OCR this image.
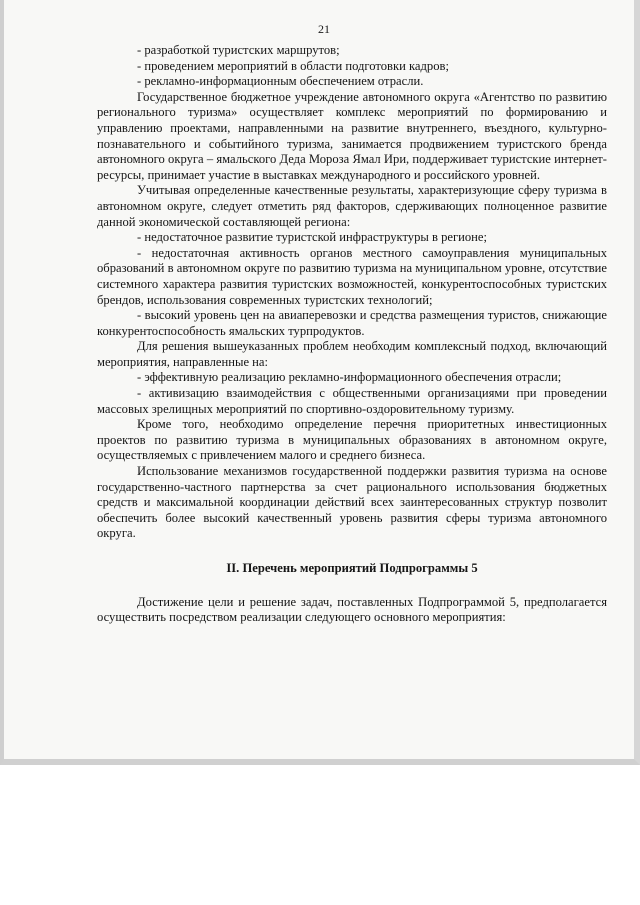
21

- разработкой туристских маршрутов;

- проведением мероприятий в области подготовки кадров;

- рекламно-информационным обеспечением отрасли.

Государственное бюджетное учреждение автономного округа «Агентство по развитию регионального туризма» осуществляет комплекс мероприятий по формированию и управлению проектами, направленными на развитие внутреннего, въездного, культурно-познавательного и событийного туризма, занимается продвижением туристского бренда автономного округа – ямальского Деда Мороза Ямал Ири, поддерживает туристские интернет-ресурсы, принимает участие в выставках международного и российского уровней.

Учитывая определенные качественные результаты, характеризующие сферу туризма в автономном округе, следует отметить ряд факторов, сдерживающих полноценное развитие данной экономической составляющей региона:

- недостаточное развитие туристской инфраструктуры в регионе;

- недостаточная активность органов местного самоуправления муниципальных образований в автономном округе по развитию туризма на муниципальном уровне, отсутствие системного характера развития туристских возможностей, конкурентоспособных туристских брендов, использования современных туристских технологий;

- высокий уровень цен на авиаперевозки и средства размещения туристов, снижающие конкурентоспособность ямальских турпродуктов.

Для решения вышеуказанных проблем необходим комплексный подход, включающий мероприятия, направленные на:

- эффективную реализацию рекламно-информационного обеспечения отрасли;

- активизацию взаимодействия с общественными организациями при проведении массовых зрелищных мероприятий по спортивно-оздоровительному туризму.

Кроме того, необходимо определение перечня приоритетных инвестиционных проектов по развитию туризма в муниципальных образованиях в автономном округе, осуществляемых с привлечением малого и среднего бизнеса.

Использование механизмов государственной поддержки развития туризма на основе государственно-частного партнерства за счет рационального использования бюджетных средств и максимальной координации действий всех заинтересованных структур позволит обеспечить более высокий качественный уровень развития сферы туризма автономного округа.

II. Перечень мероприятий Подпрограммы 5

Достижение цели и решение задач, поставленных Подпрограммой 5, предполагается осуществить посредством реализации следующего основного мероприятия:
